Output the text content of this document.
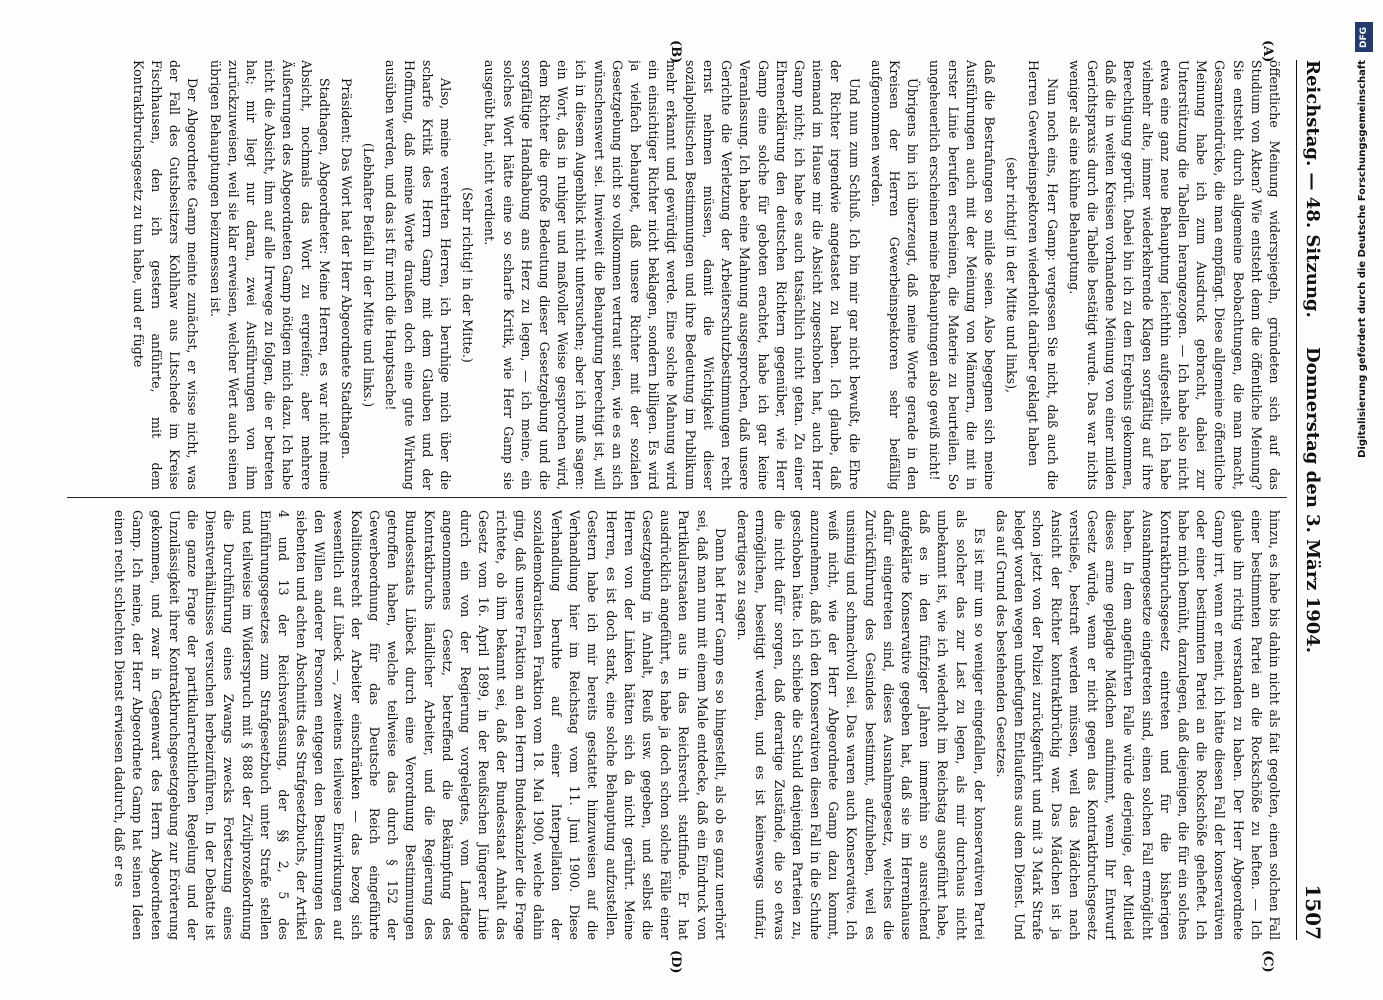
Reichstag. — 48. Sitzung.
Donnerstag den 3. März 1904.
1507
(A)
(B)
(C)
(D)

öffentliche Meinung widerspiegeln, gründeten sich auf das Studium von Akten? Wie entsteht denn die öffentliche Meinung? Sie entsteht durch allgemeine Beobachtungen, die man macht, Gesamteindrücke, die man empfängt. Diese allgemeine öffentliche Meinung habe ich zum Ausdruck gebracht, dabei zur Unterstützung die Tabellen herangezogen. — Ich habe also nicht etwa eine ganz neue Behauptung leichthin aufgestellt. Ich habe vielmehr alte, immer wiederkehrende Klagen sorgfältig auf ihre Berechtigung geprüft. Dabei bin ich zu dem Ergebnis gekommen, daß die in weiten Kreisen vorhandene Meinung von einer milden Gerichtspraxis durch die Tabelle bestätigt wurde. Das war nichts weniger als eine kühne Behauptung.

Nun noch eins, Herr Gamp: vergessen Sie nicht, daß auch die Herren Gewerbeinspektoren wiederholt darüber geklagt haben

(sehr richtig! in der Mitte und links),

daß die Bestrafungen so milde seien. Also begegnen sich meine Ausführungen auch mit der Meinung von Männern, die mit in erster Linie berufen erscheinen, die Materie zu beurteilen. So ungeheuerlich erscheinen meine Behauptungen also gewiß nicht!

Übrigens bin ich überzeugt, daß meine Worte gerade in den Kreisen der Herren Gewerbeinspektoren sehr beifällig aufgenommen werden.

Und nun zum Schluß. Ich bin mir gar nicht bewußt, die Ehre der Richter irgendwie angetastet zu haben. Ich glaube, daß niemand im Hause mir die Absicht zugeschoben hat, auch Herr Gamp nicht; ich habe es auch tatsächlich nicht getan. Zu einer Ehrenerklärung den deutschen Richtern gegenüber, wie Herr Gamp eine solche für geboten erachtet, habe ich gar keine Veranlassung. Ich habe eine Mahnung ausgesprochen, daß unsere Gerichte die Verletzung der Arbeiterschutzbestimmungen recht ernst nehmen müssen, damit die Wichtigkeit dieser sozialpolitischen Bestimmungen und ihre Bedeutung im Publikum mehr erkannt und gewürdigt werde. Eine solche Mahnung wird ein einsichtiger Richter nicht beklagen, sondern billigen. Es wird ja vielfach behauptet, daß unsere Richter mit der sozialen Gesetzgebung nicht so vollkommen vertraut seien, wie es an sich wünschenswert sei. Inwieweit die Behauptung berechtigt ist, will ich in diesem Augenblick nicht untersuchen; aber ich muß sagen: ein Wort, das in ruhiger und maßvoller Weise gesprochen wird, dem Richter die große Bedeutung dieser Gesetzgebung und die sorgfältige Handhabung ans Herz zu legen, — ich meine, ein solches Wort hätte eine so scharfe Kritik, wie Herr Gamp sie ausgeübt hat, nicht verdient.

(Sehr richtig! in der Mitte.)

Also, meine verehrten Herren, ich beruhige mich über die scharfe Kritik des Herrn Gamp mit dem Glauben und der Hoffnung, daß meine Worte draußen doch eine gute Wirkung ausüben werden, und das ist für mich die Hauptsache!

(Lebhafter Beifall in der Mitte und links.)

Präsident: Das Wort hat der Herr Abgeordnete Stadthagen.

Stadthagen, Abgeordneter: Meine Herren, es war nicht meine Absicht, nochmals das Wort zu ergreifen; aber mehrere Äußerungen des Abgeordneten Gamp nötigen mich dazu. Ich habe nicht die Absicht, ihm auf alle Irrwege zu folgen, die er betreten hat; mir liegt nur daran, zwei Ausführungen von ihm zurückzuweisen, weil sie klar erweisen, welcher Wert auch seinen übrigen Behauptungen beizumessen ist.

Der Abgeordnete Gamp meinte zunächst, er wisse nicht, was der Fall des Gutsbesitzers Kohlhaw aus Litschede im Kreise Fischhausen, den ich gestern anführte, mit dem Kontraktbruchsgesetz zu tun habe, und er fügte

hinzu, es habe bis dahin nicht als fait gegolten, einen solchen Fall einer bestimmten Partei an die Rockschöße zu heften. — Ich glaube ihn richtig verstanden zu haben. Der Herr Abgeordnete Gamp irrt, wenn er meint, ich hätte diesen Fall der konservativen oder einer bestimmten Partei an die Rockschöße geheftet. Ich habe mich bemüht, darzulegen, daß diejenigen, die für ein solches Kontraktbruchsgesetz eintreten und für die bisherigen Ausnahmegesetze eingetreten sind, einen solchen Fall ermöglicht haben. In dem angeführten Falle würde derjenige, der Mitleid dieses arme geplagte Mädchen aufnimmt, wenn Ihr Entwurf Gesetz würde, wenn er nicht gegen das Kontraktbruchsgesetz verstieße, bestraft werden müssen, weil das Mädchen nach Ansicht der Richter kontraktbrüchig war. Das Mädchen ist ja schon jetzt von der Polizei zurückgeführt und mit 3 Mark Strafe belegt worden wegen unbefugten Entlaufens aus dem Dienst. Und das auf Grund des bestehenden Gesetzes.

Es ist mir um so weniger eingefallen, der konservativen Partei als solcher das zur Last zu legen, als mir durchaus nicht unbekannt ist, wie ich wiederholt im Reichstag ausgeführt habe, daß es in den fünfziger Jahren immerhin so ausreichend aufgeklärte Konservative gegeben hat, daß sie im Herrenhause dafür eingetreten sind, dieses Ausnahmegesetz, welches die Zurückführung des Gesindes bestimmt, aufzuheben, weil es unsinnig und schmachvoll sei. Das waren auch Konservative. Ich weiß nicht, wie der Herr Abgeordnete Gamp dazu kommt, anzunehmen, daß ich den Konservativen diesen Fall in die Schuhe geschoben hätte. Ich schiebe die Schuld denjenigen Parteien zu, die nicht dafür sorgen, daß derartige Zustände, die so etwas ermöglichen, beseitigt werden, und es ist keineswegs unfair, derartiges zu sagen.

Dann hat Herr Gamp es so hingestellt, als ob es ganz unerhört sei, daß man nun mit einem Male entdecke, daß ein Eindruck von Partikularstaaten aus in das Reichsrecht stattfinde. Er hat ausdrücklich angeführt, es habe ja doch schon solche Fälle einer Gesetzgebung in Anhalt, Reuß usw. gegeben, und selbst die Herren von der Linken hätten sich da nicht gerührt. Meine Herren, es ist doch stark, eine solche Behauptung aufzustellen. Gestern habe ich mir bereits gestattet hinzuweisen auf die Verhandlung hier im Reichstag vom 11. Juni 1900. Diese Verhandlung beruhte auf einer Interpellation der sozialdemokratischen Fraktion vom 18. Mai 1900, welche dahin ging, daß unsere Fraktion an den Herrn Bundeskanzler die Frage richtete, ob ihm bekannt sei, daß der Bundesstaat Anhalt das Gesetz vom 16. April 1899, in der Reußischen Jüngerer Linie durch ein von der Regierung vorgelegtes, vom Landtage angenommenes Gesetz, betreffend die Bekämpfung des Kontraktbruchs ländlicher Arbeiter, und die Regierung des Bundesstaats Lübeck durch eine Verordnung Bestimmungen getroffen haben, welche teilweise das durch § 152 der Gewerbeordnung für das Deutsche Reich eingeführte Koalitionsrecht der Arbeiter einschränken — das bezog sich wesentlich auf Lübeck —, zweitens teilweise Einwirkungen auf den Willen anderer Personen entgegen den Bestimmungen des siebenten und achten Abschnitts des Strafgesetzbuchs, der Artikel 4 und 13 der Reichsverfassung, der §§ 2, 5 des Einführungsgesetzes zum Strafgesetzbuch unter Strafe stellen und teilweise im Widerspruch mit § 888 der Zivilprozeßordnung die Durchführung eines Zwangs zwecks Fortsetzung eines Dienstverhältnisses versuchen herbeizuführen. In der Debatte ist die ganze Frage der partikularrechtlichen Regelung und der Unzulässigkeit ihrer Kontraktbruchsgesetzgebung zur Erörterung gekommen, und zwar in Gegenwart des Herrn Abgeordneten Gamp. Ich meine, der Herr Abgeordnete Gamp hat seinen Ideen einen recht schlechten Dienst erwiesen dadurch, daß er es

DFG
Digitalisierung gefördert durch die Deutsche Forschungsgemeinschaft
